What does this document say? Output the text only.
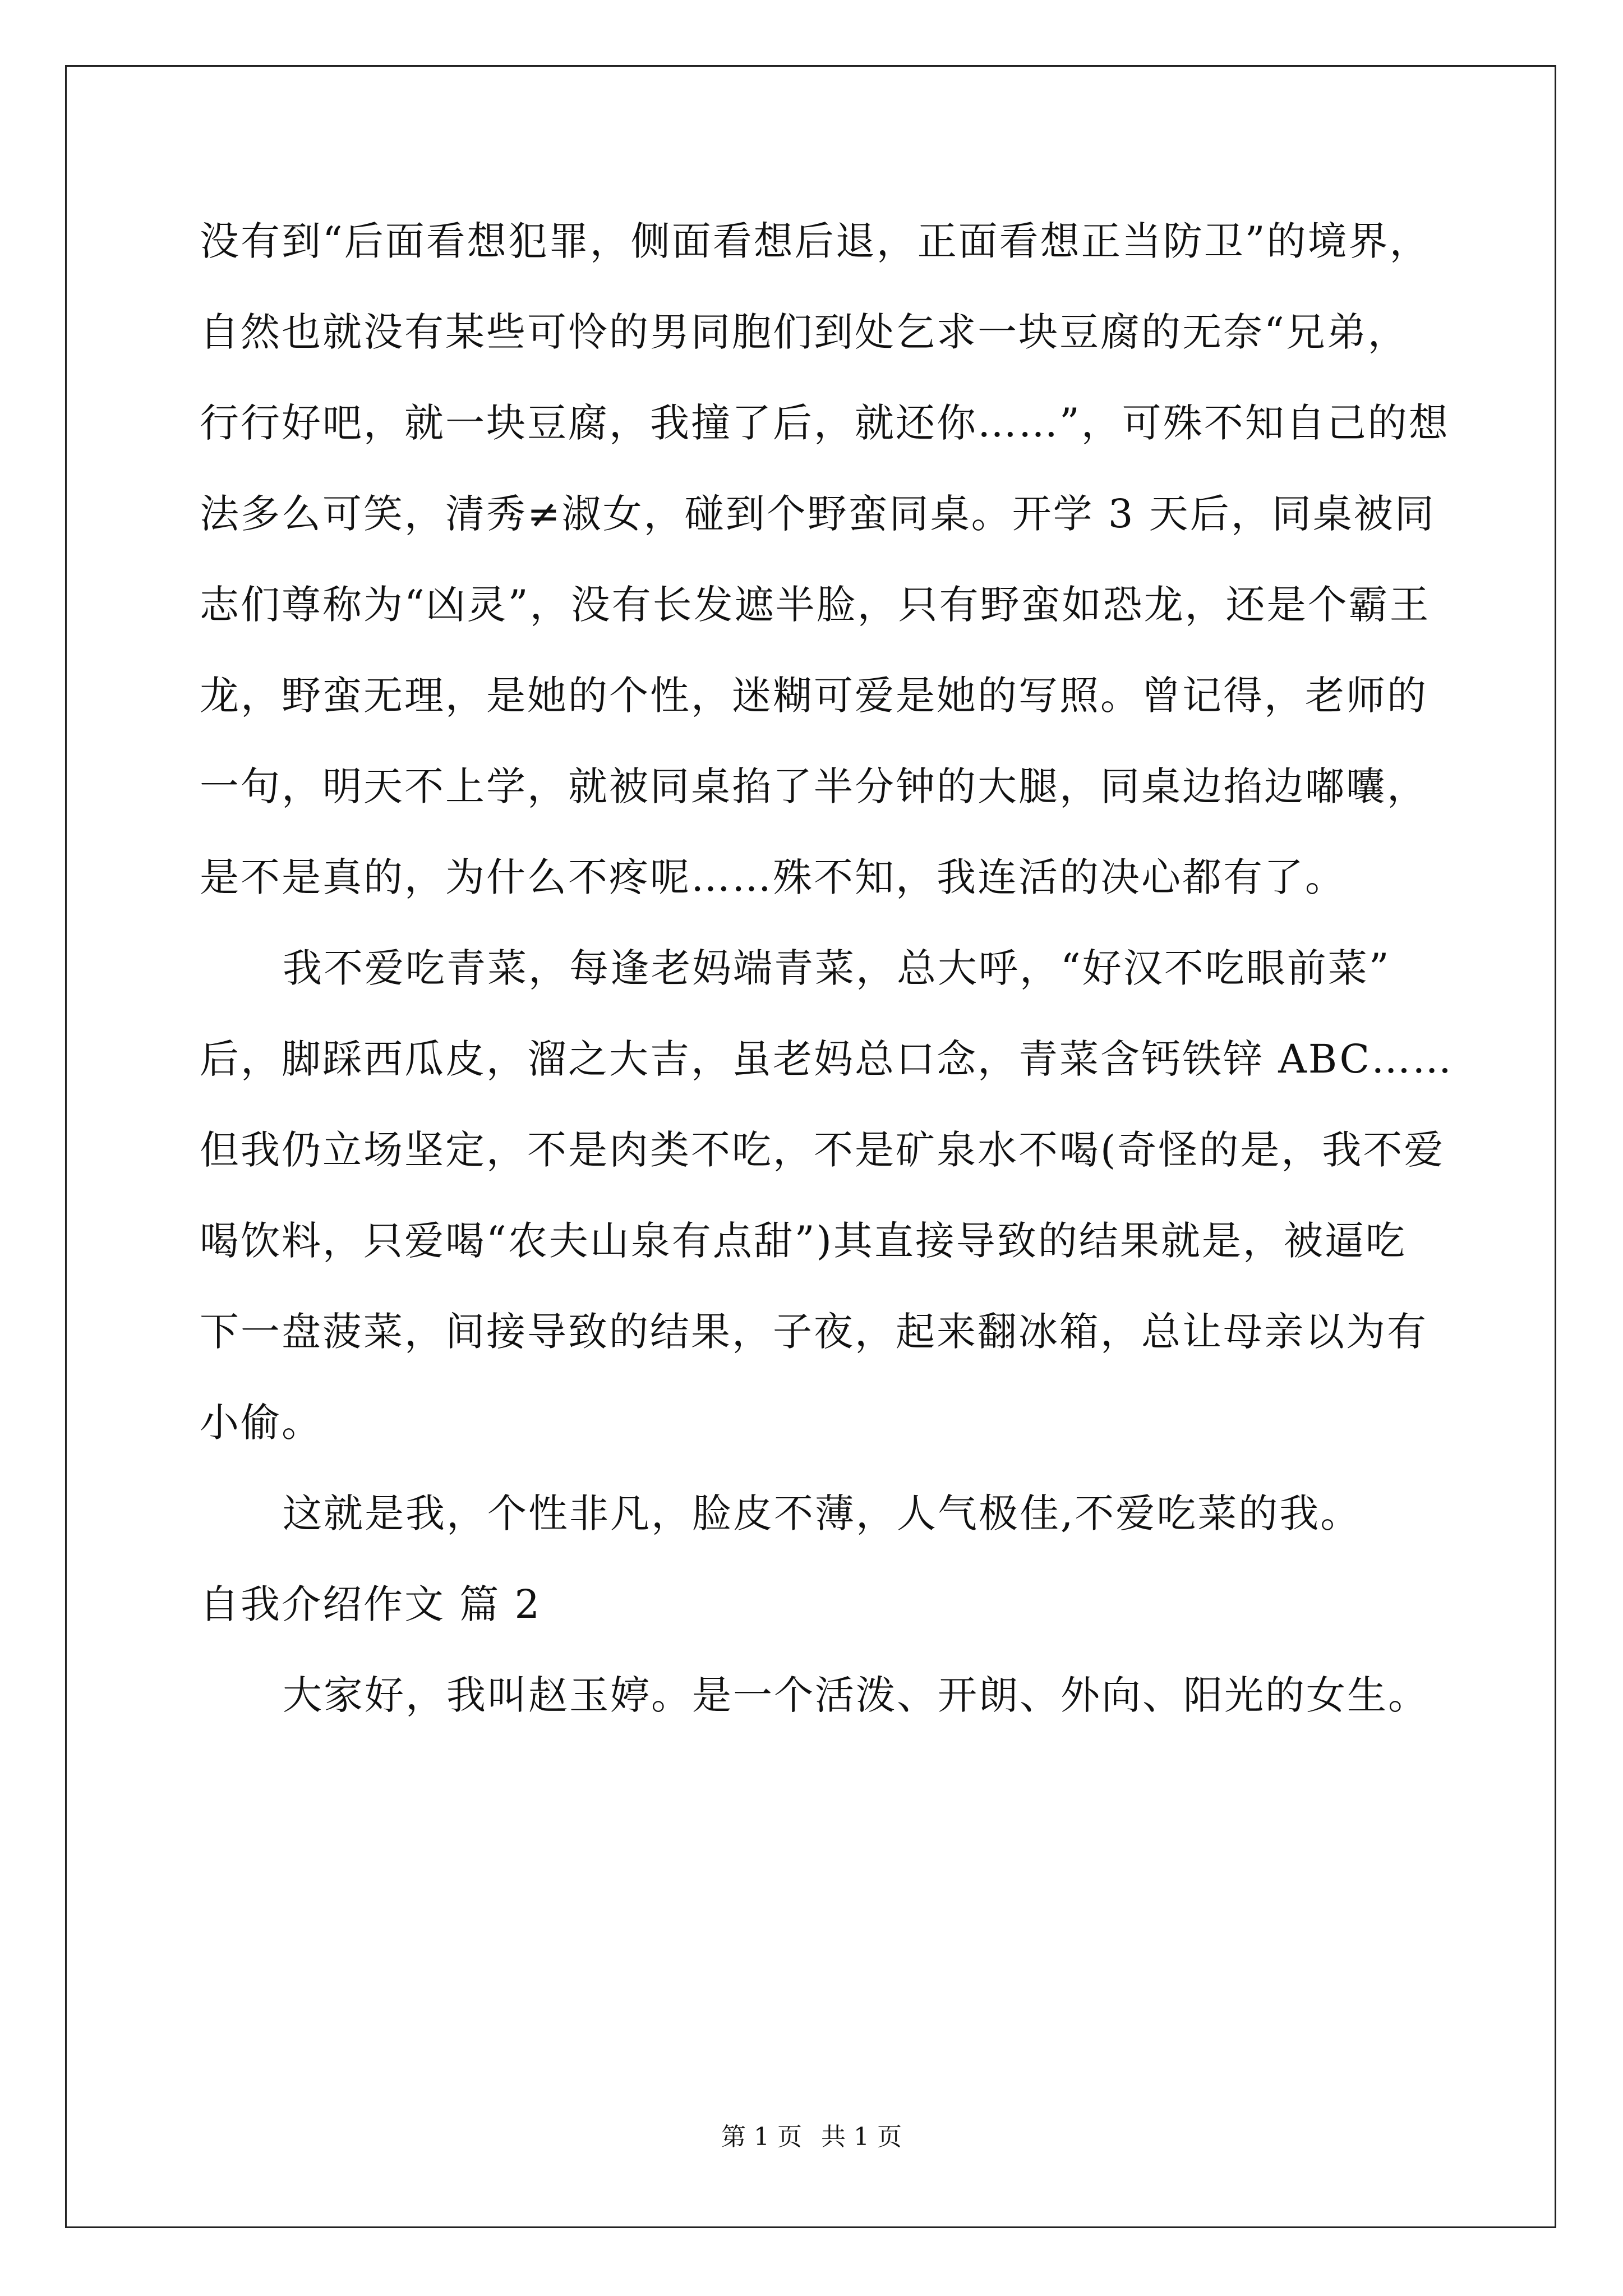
没有到“后面看想犯罪，侧面看想后退，正面看想正当防卫”的境界，
自然也就没有某些可怜的男同胞们到处乞求一块豆腐的无奈“兄弟，
行行好吧，就一块豆腐，我撞了后，就还你……”，可殊不知自己的想
法多么可笑，清秀≠淑女，碰到个野蛮同桌。开学 3 天后，同桌被同
志们尊称为“凶灵”，没有长发遮半脸，只有野蛮如恐龙，还是个霸王
龙，野蛮无理，是她的个性，迷糊可爱是她的写照。曾记得，老师的
一句，明天不上学，就被同桌掐了半分钟的大腿，同桌边掐边嘟囔，
是不是真的，为什么不疼呢……殊不知，我连活的决心都有了。
我不爱吃青菜，每逢老妈端青菜，总大呼，“好汉不吃眼前菜”
后，脚踩西瓜皮，溜之大吉，虽老妈总口念，青菜含钙铁锌 ABC……
但我仍立场坚定，不是肉类不吃，不是矿泉水不喝(奇怪的是，我不爱
喝饮料，只爱喝“农夫山泉有点甜”)其直接导致的结果就是，被逼吃
下一盘菠菜，间接导致的结果，子夜，起来翻冰箱，总让母亲以为有
小偷。
这就是我，个性非凡，脸皮不薄，人气极佳,不爱吃菜的我。
自我介绍作文 篇 2
大家好，我叫赵玉婷。是一个活泼、开朗、外向、阳光的女生。
第 1 页 共 1 页
